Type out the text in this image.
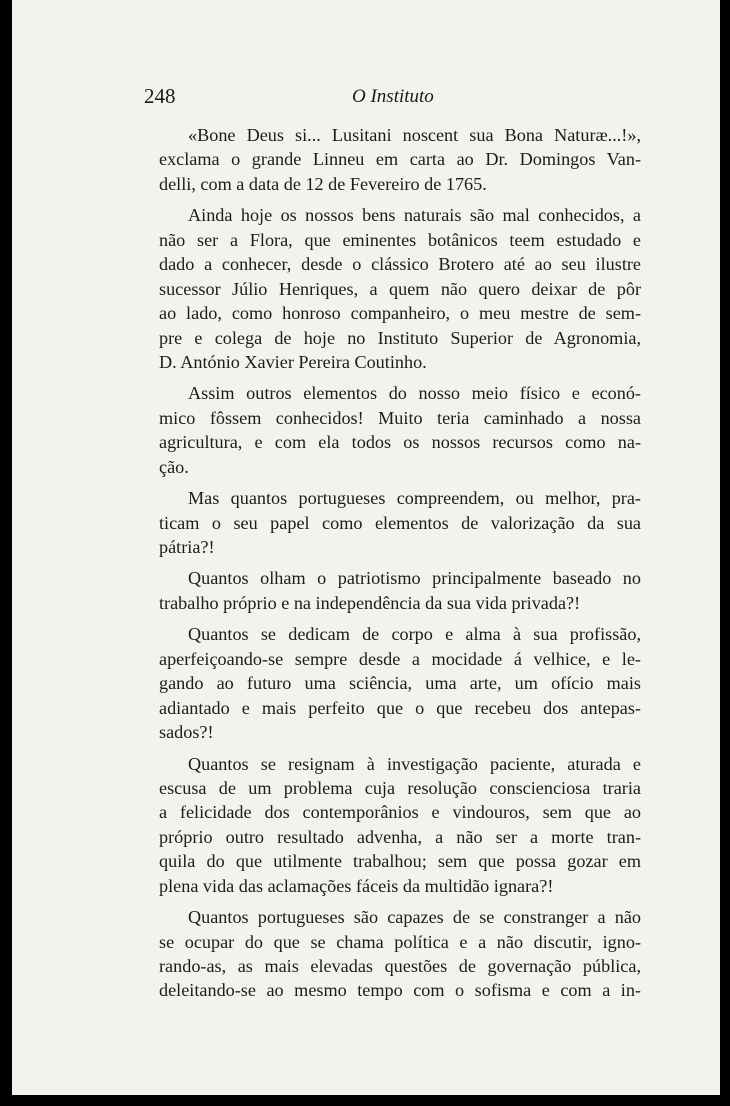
248	O Instituto

«Bone Deus si... Lusitani noscent sua Bona Naturæ...!»,
exclama o grande Linneu em carta ao Dr. Domingos Van-
delli, com a data de 12 de Fevereiro de 1765.

Ainda hoje os nossos bens naturais são mal conhecidos, a
não ser a Flora, que eminentes botânicos teem estudado e
dado a conhecer, desde o clássico Brotero até ao seu ilustre
sucessor Júlio Henriques, a quem não quero deixar de pôr
ao lado, como honroso companheiro, o meu mestre de sem-
pre e colega de hoje no Instituto Superior de Agronomia,
D. António Xavier Pereira Coutinho.

Assim outros elementos do nosso meio físico e econó-
mico fôssem conhecidos! Muito teria caminhado a nossa
agricultura, e com ela todos os nossos recursos como na-
ção.

Mas quantos portugueses compreendem, ou melhor, pra-
ticam o seu papel como elementos de valorização da sua
pátria?!

Quantos olham o patriotismo principalmente baseado no
trabalho próprio e na independência da sua vida privada?!

Quantos se dedicam de corpo e alma à sua profissão,
aperfeiçoando-se sempre desde a mocidade á velhice, e le-
gando ao futuro uma sciência, uma arte, um ofício mais
adiantado e mais perfeito que o que recebeu dos antepas-
sados?!

Quantos se resignam à investigação paciente, aturada e
escusa de um problema cuja resolução conscienciosa traria
a felicidade dos contemporânios e vindouros, sem que ao
próprio outro resultado advenha, a não ser a morte tran-
quila do que utilmente trabalhou; sem que possa gozar em
plena vida das aclamações fáceis da multidão ignara?!

Quantos portugueses são capazes de se constranger a não
se ocupar do que se chama política e a não discutir, igno-
rando-as, as mais elevadas questões de governação pública,
deleitando-se ao mesmo tempo com o sofisma e com a in-
